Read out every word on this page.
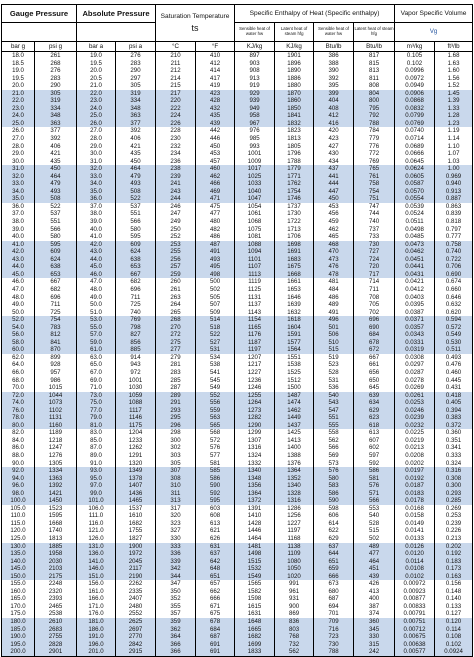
Gauge Pressure		Absolute Pressure		Saturation Temperature
ts		Specific Enthalpy of Heat (Specific enthalpy)				Vapor Specific Volume	
						Sensible heat of water hw	Latent heat of steam hfg	Sensible heat of water hw	Latent heat of steam hfg	Vg	
bar g	psi g	bar a	psi a	°C	°F	KJ/kg	KJ/kg	Btu/lb	Btu/lb	m³/kg	ft³/lb
18.0	261	19.0	276	210	410	897	1901	386	817	0.105	1.68
18.5	268	19.5	283	211	412	903	1896	388	815	0.102	1.63
19.0	276	20.0	290	212	414	908	1890	390	813	0.0996	1.60
19.5	283	20.5	297	214	417	913	1886	392	811	0.0972	1.56
20.0	290	21.0	305	215	419	919	1880	395	808	0.0949	1.52
21.0	305	22.0	319	217	423	929	1870	399	804	0.0906	1.45
22.0	319	23.0	334	220	428	939	1860	404	800	0.0868	1.39
23.0	334	24.0	348	222	432	949	1850	408	795	0.0832	1.33
24.0	348	25.0	363	224	435	958	1841	412	792	0.0799	1.28
25.0	363	26.0	377	226	439	967	1832	416	788	0.0769	1.23
26.0	377	27.0	392	228	442	976	1823	420	784	0.0740	1.19
27.0	392	28.0	406	230	446	985	1813	423	779	0.0714	1.14
28.0	406	29.0	421	232	450	993	1805	427	776	0.0689	1.10
29.0	421	30.0	435	234	453	1001	1796	430	772	0.0666	1.07
30.0	435	31.0	450	236	457	1009	1788	434	769	0.0645	1.03
31.0	450	32.0	464	238	460	1017	1779	437	765	0.0624	1.00
32.0	464	33.0	479	239	462	1025	1771	441	761	0.0605	0.969
33.0	479	34.0	493	241	466	1033	1762	444	758	0.0587	0.940
34.0	493	35.0	508	243	469	1040	1754	447	754	0.0570	0.913
35.0	508	36.0	522	244	471	1047	1746	450	751	0.0554	0.887
36.0	522	37.0	537	246	475	1054	1737	453	747	0.0539	0.863
37.0	537	38.0	551	247	477	1061	1730	456	744	0.0524	0.839
38.0	551	39.0	566	249	480	1068	1722	459	740	0.0511	0.818
39.0	566	40.0	580	250	482	1075	1713	462	737	0.0498	0.797
40.0	580	41.0	595	252	486	1081	1706	465	733	0.0485	0.777
41.0	595	42.0	609	253	487	1088	1698	468	730	0.0473	0.758
42.0	609	43.0	624	255	491	1094	1691	470	727	0.0462	0.740
43.0	624	44.0	638	256	493	1101	1683	473	724	0.0451	0.722
44.0	638	45.0	653	257	495	1107	1675	476	720	0.0441	0.706
45.0	653	46.0	667	259	498	1113	1668	478	717	0.0431	0.690
46.0	667	47.0	682	260	500	1119	1661	481	714	0.0421	0.674
47.0	682	48.0	696	261	502	1125	1653	484	711	0.0412	0.660
48.0	696	49.0	711	263	505	1131	1646	486	708	0.0403	0.646
49.0	711	50.0	725	264	507	1137	1639	489	705	0.0395	0.632
50.0	725	51.0	740	265	509	1143	1632	491	702	0.0387	0.620
52.0	754	53.0	769	268	514	1154	1618	496	696	0.0371	0.594
54.0	783	55.0	798	270	518	1165	1604	501	690	0.0357	0.572
56.0	812	57.0	827	272	522	1176	1591	506	684	0.0343	0.549
58.0	841	59.0	856	275	527	1187	1577	510	678	0.0331	0.530
60.0	870	61.0	885	277	531	1197	1564	515	672	0.0319	0.511
62.0	899	63.0	914	279	534	1207	1551	519	667	0.0308	0.493
64.0	928	65.0	943	281	538	1217	1538	523	661	0.0297	0.476
66.0	957	67.0	972	283	541	1227	1525	528	656	0.0287	0.460
68.0	986	69.0	1001	285	545	1236	1512	531	650	0.0278	0.445
70.0	1015	71.0	1030	287	549	1246	1500	536	645	0.0269	0.431
72.0	1044	73.0	1059	289	552	1255	1487	540	639	0.0261	0.418
74.0	1073	75.0	1088	291	556	1264	1474	543	634	0.0253	0.405
76.0	1102	77.0	1117	293	559	1273	1462	547	629	0.0246	0.394
78.0	1131	79.0	1146	295	563	1282	1449	551	623	0.0239	0.383
80.0	1160	81.0	1175	296	565	1290	1437	555	618	0.0232	0.372
82.0	1189	83.0	1204	298	568	1299	1425	558	613	0.0225	0.360
84.0	1218	85.0	1233	300	572	1307	1413	562	607	0.0219	0.351
86.0	1247	87.0	1262	302	576	1316	1400	566	602	0.0213	0.341
88.0	1276	89.0	1291	303	577	1324	1388	569	597	0.0208	0.333
90.0	1305	91.0	1320	305	581	1332	1376	573	592	0.0202	0.324
92.0	1334	93.0	1349	307	585	1340	1364	576	586	0.0197	0.316
94.0	1363	95.0	1378	308	586	1348	1352	580	581	0.0192	0.308
96.0	1392	97.0	1407	310	590	1356	1340	583	576	0.0187	0.300
98.0	1421	99.0	1436	311	592	1364	1328	586	571	0.0183	0.293
100.0	1450	101.0	1465	313	595	1372	1316	590	566	0.0178	0.285
105.0	1523	106.0	1537	317	603	1391	1286	598	553	0.0168	0.269
110.0	1595	111.0	1610	320	608	1410	1256	606	540	0.0158	0.253
115.0	1668	116.0	1682	323	613	1428	1227	614	528	0.0149	0.239
120.0	1740	121.0	1755	327	621	1446	1197	622	515	0.0141	0.226
125.0	1813	126.0	1827	330	626	1464	1168	629	502	0.0133	0.213
130.0	1885	131.0	1900	333	631	1481	1138	637	489	0.0126	0.202
135.0	1958	136.0	1972	336	637	1498	1109	644	477	0.0120	0.192
140.0	2030	141.0	2045	339	642	1515	1080	651	464	0.0114	0.183
145.0	2103	146.0	2117	342	648	1532	1050	659	451	0.0108	0.173
150.0	2175	151.0	2190	344	651	1549	1020	666	439	0.0102	0.163
155.0	2248	156.0	2262	347	657	1565	991	673	426	0.00972	0.156
160.0	2320	161.0	2335	350	662	1582	961	680	413	0.00923	0.148
165.0	2393	166.0	2407	352	666	1598	931	687	400	0.00877	0.140
170.0	2465	171.0	2480	355	671	1615	900	694	387	0.00833	0.133
175.0	2538	176.0	2552	357	675	1631	869	701	374	0.00791	0.127
180.0	2610	181.0	2625	359	678	1648	836	709	360	0.00751	0.120
185.0	2683	186.0	2697	362	684	1665	803	716	345	0.00712	0.114
190.0	2755	191.0	2770	364	687	1682	768	723	330	0.00675	0.108
195.0	2828	196.0	2842	366	691	1699	732	730	315	0.00638	0.102
200.0	2901	201.0	2915	366	691	1833	562	788	242	0.00577	0.0924
